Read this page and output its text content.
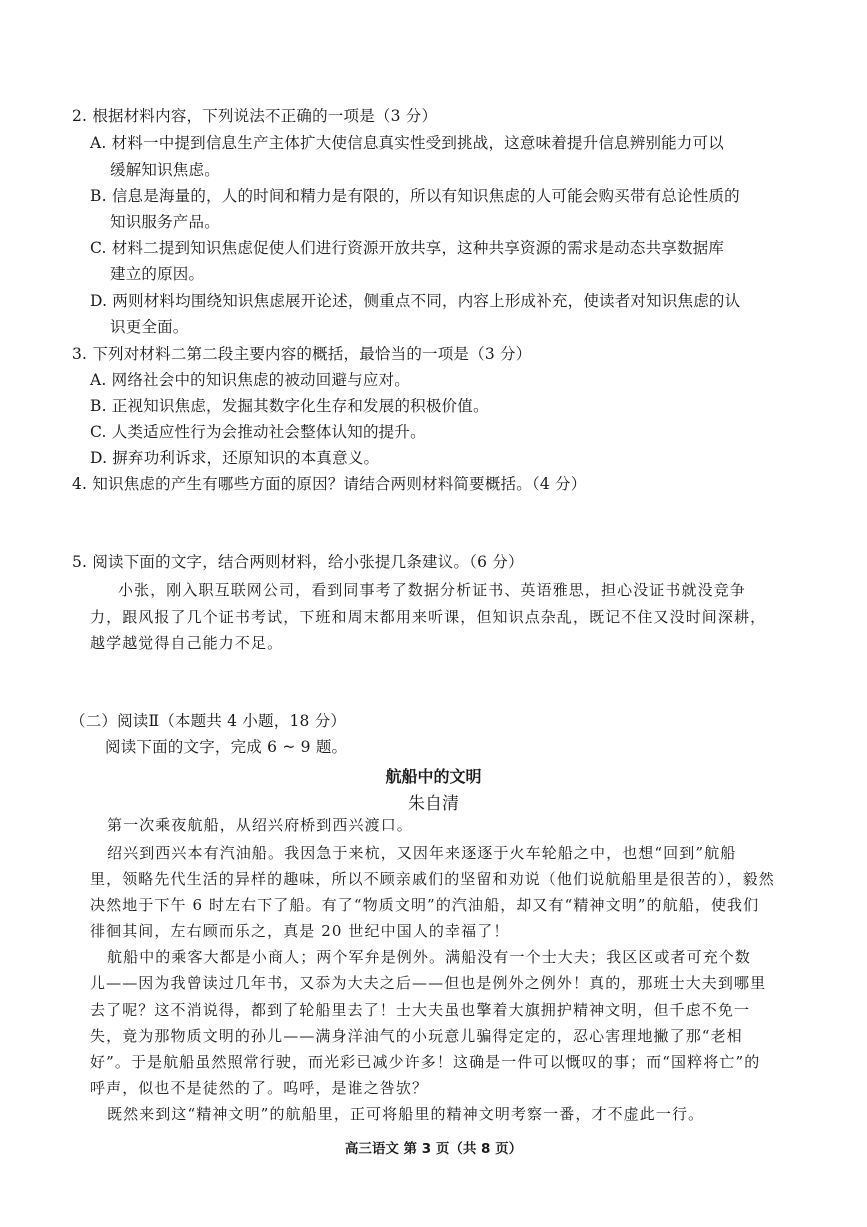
2. 根据材料内容，下列说法不正确的一项是（3 分）
A. 材料一中提到信息生产主体扩大使信息真实性受到挑战，这意味着提升信息辨别能力可以
缓解知识焦虑。
B. 信息是海量的，人的时间和精力是有限的，所以有知识焦虑的人可能会购买带有总论性质的
知识服务产品。
C. 材料二提到知识焦虑促使人们进行资源开放共享，这种共享资源的需求是动态共享数据库
建立的原因。
D. 两则材料均围绕知识焦虑展开论述，侧重点不同，内容上形成补充，使读者对知识焦虑的认
识更全面。
3. 下列对材料二第二段主要内容的概括，最恰当的一项是（3 分）
A. 网络社会中的知识焦虑的被动回避与应对。
B. 正视知识焦虑，发掘其数字化生存和发展的积极价值。
C. 人类适应性行为会推动社会整体认知的提升。
D. 摒弃功利诉求，还原知识的本真意义。
4. 知识焦虑的产生有哪些方面的原因？请结合两则材料简要概括。（4 分）
5. 阅读下面的文字，结合两则材料，给小张提几条建议。（6 分）
小张，刚入职互联网公司，看到同事考了数据分析证书、英语雅思，担心没证书就没竞争
力，跟风报了几个证书考试，下班和周末都用来听课，但知识点杂乱，既记不住又没时间深耕，
越学越觉得自己能力不足。
（二）阅读Ⅱ（本题共 4 小题，18 分）
阅读下面的文字，完成 6 ~ 9 题。
航船中的文明
朱自清
第一次乘夜航船，从绍兴府桥到西兴渡口。
绍兴到西兴本有汽油船。我因急于来杭，又因年来逐逐于火车轮船之中，也想“回到”航船
里，领略先代生活的异样的趣味，所以不顾亲戚们的坚留和劝说（他们说航船里是很苦的），毅然
决然地于下午 6 时左右下了船。有了“物质文明”的汽油船，却又有“精神文明”的航船，使我们
徘徊其间，左右顾而乐之，真是 20 世纪中国人的幸福了！
航船中的乘客大都是小商人；两个军弁是例外。满船没有一个士大夫；我区区或者可充个数
儿——因为我曾读过几年书，又忝为大夫之后——但也是例外之例外！真的，那班士大夫到哪里
去了呢？这不消说得，都到了轮船里去了！士大夫虽也擎着大旗拥护精神文明，但千虑不免一
失，竟为那物质文明的孙儿——满身洋油气的小玩意儿骗得定定的，忍心害理地撇了那“老相
好”。于是航船虽然照常行驶，而光彩已减少许多！这确是一件可以慨叹的事；而“国粹将亡”的
呼声，似也不是徒然的了。呜呼，是谁之咎欤？
既然来到这“精神文明”的航船里，正可将船里的精神文明考察一番，才不虚此一行。
高三语文 第 3 页（共 8 页）
